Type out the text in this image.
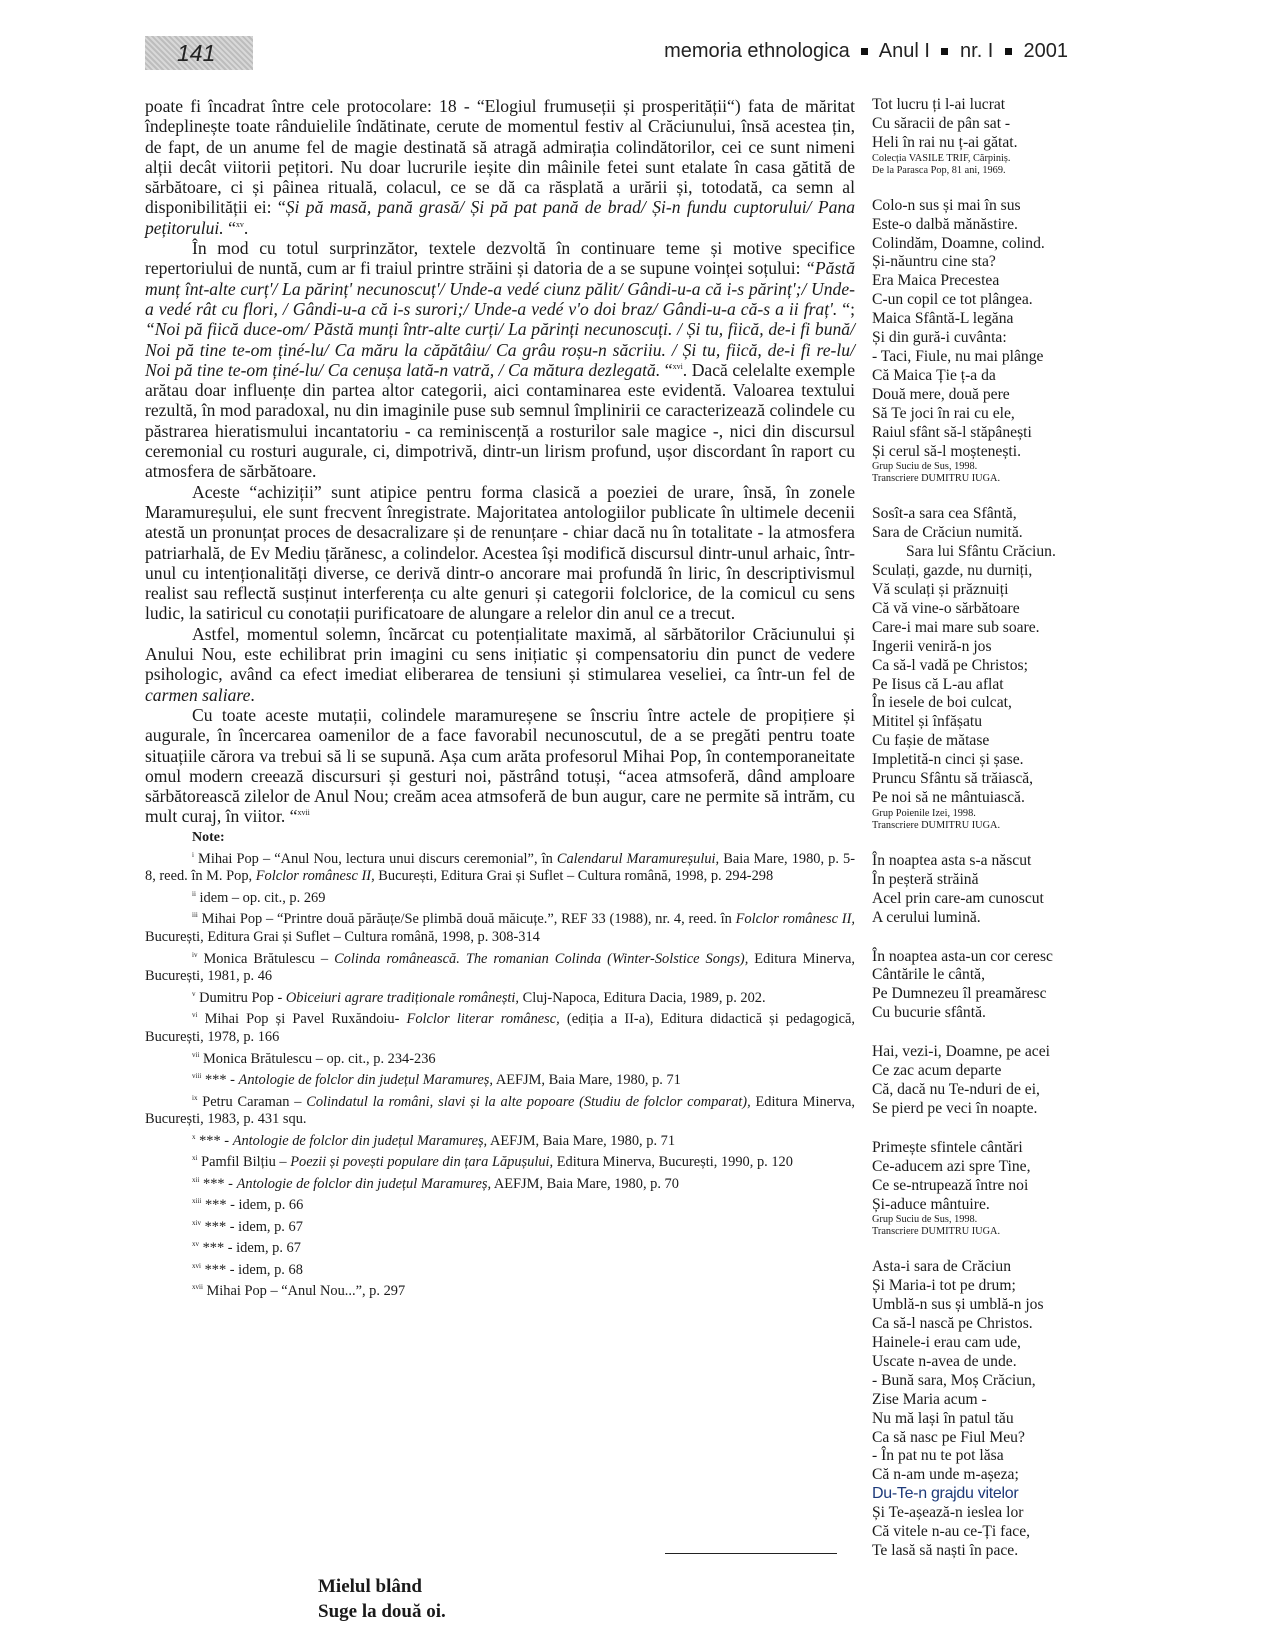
141	memoria ethnologica Anul I nr. I 2001

poate fi încadrat între cele protocolare: 18 - “Elogiul frumuseții și prosperității“) fata de măritat îndeplinește toate rânduielile îndătinate, cerute de momentul festiv al Crăciunului, însă acestea țin, de fapt, de un anume fel de magie destinată să atragă admirația colindătorilor, cei ce sunt nimeni alții decât viitorii pețitori. Nu doar lucrurile ieșite din mâinile fetei sunt etalate în casa gătită de sărbătoare, ci și pâinea rituală, colacul, ce se dă ca răsplată a urării și, totodată, ca semn al disponibilității ei: “Și pă masă, pană grasă/ Și pă pat pană de brad/ Și-n fundu cuptorului/ Pana pețitorului. “$^{xv}$.

În mod cu totul surprinzător, textele dezvoltă în continuare teme și motive specifice repertoriului de nuntă, cum ar fi traiul printre străini și datoria de a se supune voinței soțului: “Păstă munț înt-alte curț'/ La părinț' necunoscuț'/ Unde-a vedé ciunz pălit/ Gândi-u-a că i-s părinț';/ Unde-a vedé rât cu flori, / Gândi-u-a că i-s surori;/ Unde-a vedé v'o doi braz/ Gândi-u-a că-s a ii fraț'. “; “Noi pă fiică duce-om/ Păstă munți într-alte curți/ La părinți necunoscuți. / Și tu, fiică, de-i fi bună/ Noi pă tine te-om ținé-lu/ Ca măru la căpătâiu/ Ca grâu roșu-n săcriiu. / Și tu, fiică, de-i fi re-lu/ Noi pă tine te-om ținé-lu/ Ca cenușa lată-n vatră, / Ca mătura dezlegată. “$^{xvi}$. Dacă celelalte exemple arătau doar influențe din partea altor categorii, aici contaminarea este evidentă. Valoarea textului rezultă, în mod paradoxal, nu din imaginile puse sub semnul împlinirii ce caracterizează colindele cu păstrarea hieratismului incantatoriu - ca reminiscență a rosturilor sale magice -, nici din discursul ceremonial cu rosturi augurale, ci, dimpotrivă, dintr-un lirism profund, ușor discordant în raport cu atmosfera de sărbătoare.

Aceste “achiziții” sunt atipice pentru forma clasică a poeziei de urare, însă, în zonele Maramureșului, ele sunt frecvent înregistrate. Majoritatea antologiilor publicate în ultimele decenii atestă un pronunțat proces de desacralizare și de renunțare - chiar dacă nu în totalitate - la atmosfera patriarhală, de Ev Mediu țărănesc, a colindelor. Acestea își modifică discursul dintr-unul arhaic, într-unul cu intenționalități diverse, ce derivă dintr-o ancorare mai profundă în liric, în descriptivismul realist sau reflectă susținut interferența cu alte genuri și categorii folclorice, de la comicul cu sens ludic, la satiricul cu conotații purificatoare de alungare a relelor din anul ce a trecut.

Astfel, momentul solemn, încărcat cu potențialitate maximă, al sărbătorilor Crăciunului și Anului Nou, este echilibrat prin imagini cu sens inițiatic și compensatoriu din punct de vedere psihologic, având ca efect imediat eliberarea de tensiuni și stimularea veseliei, ca într-un fel de carmen saliare.

Cu toate aceste mutații, colindele maramureșene se înscriu între actele de propițiere și augurale, în încercarea oamenilor de a face favorabil necunoscutul, de a se pregăti pentru toate situațiile cărora va trebui să li se supună. Așa cum arăta profesorul Mihai Pop, în contemporaneitate omul modern creează discursuri și gesturi noi, păstrând totuși, “acea atmsoferă, dând amploare sărbătorească zilelor de Anul Nou; creăm acea atmsoferă de bun augur, care ne permite să intrăm, cu mult curaj, în viitor. “$^{xvii}$

Note:

$^i$ Mihai Pop – “Anul Nou, lectura unui discurs ceremonial”, în Calendarul Maramureșului, Baia Mare, 1980, p. 5-8, reed. în M. Pop, Folclor românesc II, București, Editura Grai și Suflet – Cultura română, 1998, p. 294-298

$^{ii}$ idem – op. cit., p. 269

$^{iii}$ Mihai Pop – “Printre două părăuțe/Se plimbă două măicuțe.”, REF 33 (1988), nr. 4, reed. în Folclor românesc II, București, Editura Grai și Suflet – Cultura română, 1998, p. 308-314

$^{iv}$ Monica Brătulescu – Colinda românească. The romanian Colinda (Winter-Solstice Songs), Editura Minerva, București, 1981, p. 46

$^v$ Dumitru Pop - Obiceiuri agrare tradiționale românești, Cluj-Napoca, Editura Dacia, 1989, p. 202.

$^{vi}$ Mihai Pop și Pavel Ruxăndoiu- Folclor literar românesc, (ediția a II-a), Editura didactică și pedagogică, București, 1978, p. 166

$^{vii}$ Monica Brătulescu – op. cit., p. 234-236

$^{viii}$ *** - Antologie de folclor din județul Maramureș, AEFJM, Baia Mare, 1980, p. 71

$^{ix}$ Petru Caraman – Colindatul la români, slavi și la alte popoare (Studiu de folclor comparat), Editura Minerva, București, 1983, p. 431 squ.

$^x$ *** - Antologie de folclor din județul Maramureș, AEFJM, Baia Mare, 1980, p. 71

$^{xi}$ Pamfil Bilțiu – Poezii și povești populare din țara Lăpușului, Editura Minerva, București, 1990, p. 120

$^{xii}$ *** - Antologie de folclor din județul Maramureș, AEFJM, Baia Mare, 1980, p. 70

$^{xiii}$ *** - idem, p. 66

$^{xiv}$ *** - idem, p. 67

$^{xv}$ *** - idem, p. 67

$^{xvi}$ *** - idem, p. 68

$^{xvii}$ Mihai Pop – “Anul Nou...”, p. 297

Tot lucru ți l-ai lucrat
Cu săracii de pân sat -
Heli în rai nu ț-ai gătat.
Colecția VASILE TRIF, Cărpiniș.
De la Parasca Pop, 81 ani, 1969.
Colo-n sus și mai în sus
Este-o dalbă mănăstire.
Colindăm, Doamne, colind.
Și-năuntru cine sta?
Era Maica Precestea
C-un copil ce tot plângea.
Maica Sfântă-L legăna
Și din gură-i cuvânta:
- Taci, Fiule, nu mai plânge
Că Maica Ție ț-a da
Două mere, două pere
Să Te joci în rai cu ele,
Raiul sfânt să-l stăpânești
Și cerul să-l moștenești.
Grup Suciu de Sus, 1998.
Transcriere DUMITRU IUGA.
Sosît-a sara cea Sfântă,
Sara de Crăciun numită.
Sara lui Sfântu Crăciun.
Sculați, gazde, nu durniți,
Vă sculați și prăznuiți
Că vă vine-o sărbătoare
Care-i mai mare sub soare.
Ingerii veniră-n jos
Ca să-l vadă pe Christos;
Pe Iisus că L-au aflat
În iesele de boi culcat,
Mititel și înfășatu
Cu fașie de mătase
Impletită-n cinci și șase.
Pruncu Sfântu să trăiască,
Pe noi să ne mântuiască.
Grup Poienile Izei, 1998.
Transcriere DUMITRU IUGA.
În noaptea asta s-a născut
În peșteră străină
Acel prin care-am cunoscut
A cerului lumină.
În noaptea asta-un cor ceresc
Cântările le cântă,
Pe Dumnezeu îl preamăresc
Cu bucurie sfântă.
Hai, vezi-i, Doamne, pe acei
Ce zac acum departe
Că, dacă nu Te-nduri de ei,
Se pierd pe veci în noapte.
Primește sfintele cântări
Ce-aducem azi spre Tine,
Ce se-ntrupează între noi
Și-aduce mântuire.
Grup Suciu de Sus, 1998.
Transcriere DUMITRU IUGA.
Asta-i sara de Crăciun
Și Maria-i tot pe drum;
Umblă-n sus și umblă-n jos
Ca să-l nască pe Christos.
Hainele-i erau cam ude,
Uscate n-avea de unde.
- Bună sara, Moș Crăciun,
Zise Maria acum -
Nu mă lași în patul tău
Ca să nasc pe Fiul Meu?
- În pat nu te pot lăsa
Că n-am unde m-așeza;
Du-Te-n grajdu vitelor
Și Te-așează-n ieslea lor
Că vitele n-au ce-Ți face,
Te lasă să naști în pace.
Mielul blând
Suge la două oi.
